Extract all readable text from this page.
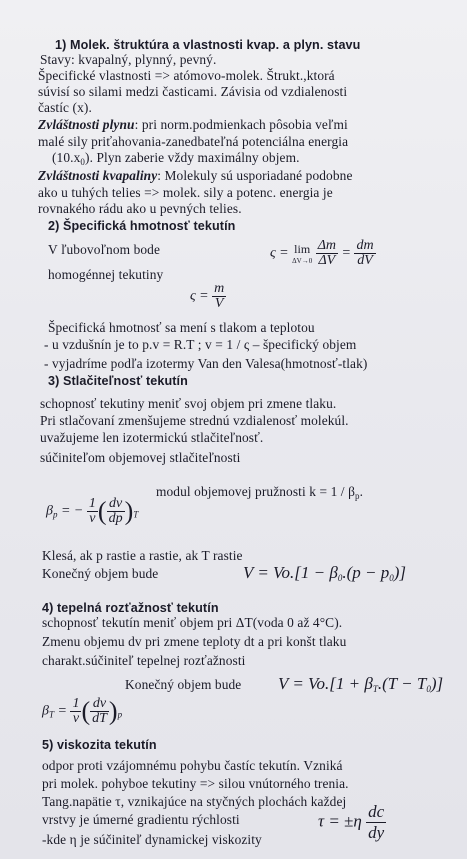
1) Molek. štruktúra a vlastnosti kvap. a plyn. stavu
Stavy: kvapalný, plynný, pevný.
Špecifické vlastnosti => atómovo-molek. Štrukt.,ktorá
súvisí so silami medzi časticami. Závisia od vzdialenosti
častíc (x).
Zvláštnosti plynu: pri norm.podmienkach pôsobia veľmi
malé sily priťahovania-zanedbateľná potenciálna energia
$(10.x_0)$. Plyn zaberie vždy maximálny objem.
Zvláštnosti kvapaliny: Molekuly sú usporiadané podobne
ako u tuhých telies => molek. sily a potenc. energia je
rovnakého rádu ako u pevných telies.
2) Špecifická hmotnosť tekutín
V ľubovoľnom bode
homogénnej tekutiny
ς = lim
ΔV→0
$\frac{\Delta m}{\Delta V} = \frac{dm}{dV}$
$\varsigma = \frac{m}{V}$
Špecifická hmotnosť sa mení s tlakom a teplotou
- u vzdušnín je to p.v = R.T ; v = 1 / ς – špecifický objem
- vyjadríme podľa izotermy Van den Valesa(hmotnosť-tlak)
3) Stlačiteľnosť tekutín
schopnosť tekutiny meniť svoj objem pri zmene tlaku.
Pri stlačovaní zmenšujeme strednú vzdialenosť molekúl.
uvažujeme len izotermickú stlačiteľnosť.
súčiniteľom objemovej stlačiteľnosti
modul objemovej pružnosti $k = 1 / \beta_p$.
$\beta_p$ = − $\frac{1}{v}$ ( $\frac{dv}{dp} )_T$
Klesá, ak p rastie a rastie, ak T rastie
Konečný objem bude	$V = Vo.[1 - \beta_0.(p - p_0)]$
4) tepelná rozťažnosť tekutín
schopnosť tekutín meniť objem pri ΔT(voda 0 až 4°C).
Zmenu objemu dv pri zmene teploty dt a pri konšt tlaku
charakt.súčiniteľ tepelnej rozťažnosti
Konečný objem bude $V = Vo.[1 + \beta_T.(T - T_0)]$
$\beta_T = \frac{1}{v}$ ( $\frac{dv}{dT} )_p$
5) viskozita tekutín
odpor proti vzájomnému pohybu častíc tekutín. Vzniká
pri molek. pohyboe tekutiny => silou vnútorného trenia.
Tang.napätie τ, vznikajúce na styčných plochách každej
vrstvy je úmerné gradientu rýchlosti
-kde η je súčiniteľ dynamickej viskozity
$\tau = \pm\eta \frac{dc}{dy}$
